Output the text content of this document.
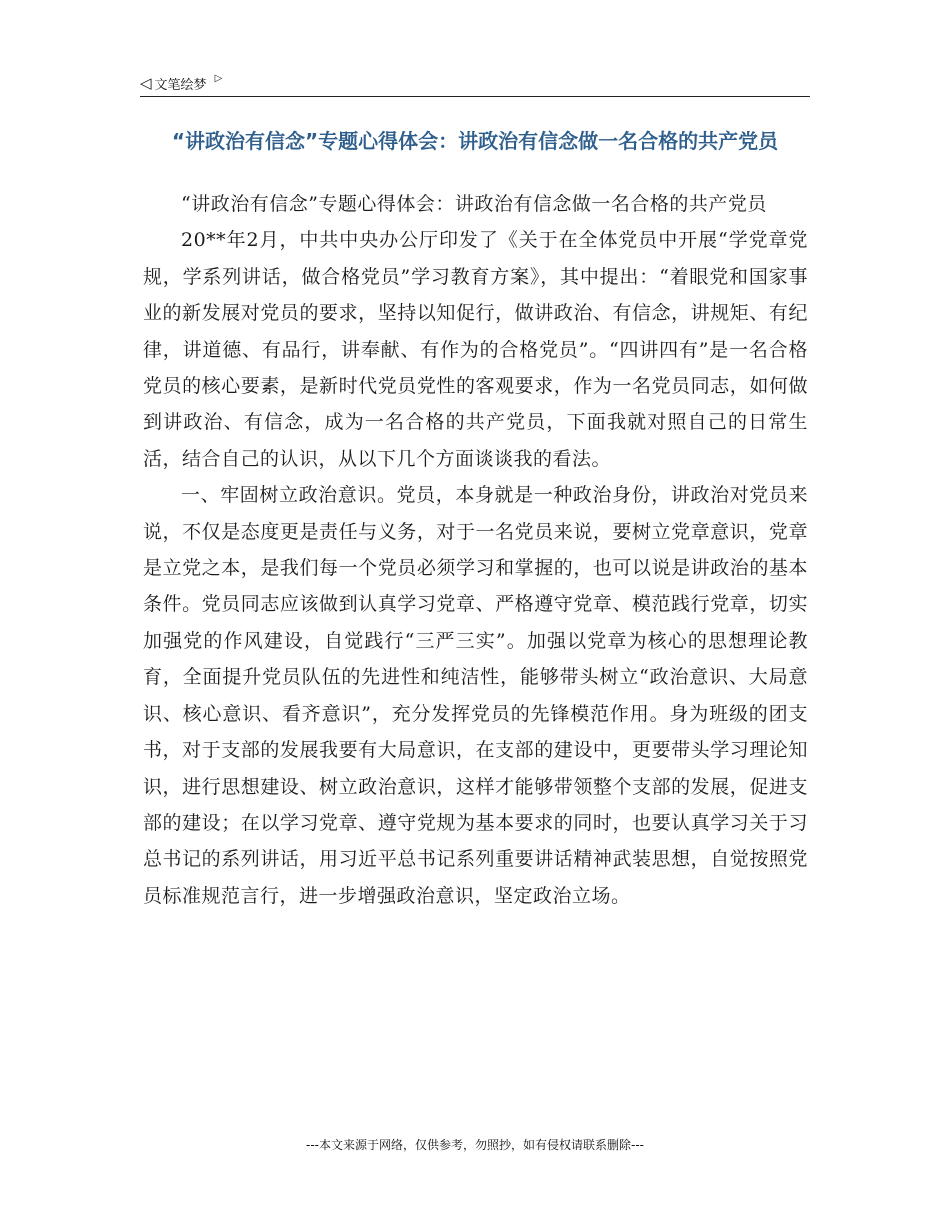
◁ 文笔绘梦 ▷
“讲政治有信念”专题心得体会：讲政治有信念做一名合格的共产党员

“讲政治有信念”专题心得体会：讲政治有信念做一名合格的共产党员

20**年2月，中共中央办公厅印发了《关于在全体党员中开展“学党章党规，学系列讲话，做合格党员”学习教育方案》，其中提出：“着眼党和国家事业的新发展对党员的要求，坚持以知促行，做讲政治、有信念，讲规矩、有纪律，讲道德、有品行，讲奉献、有作为的合格党员”。“四讲四有”是一名合格党员的核心要素，是新时代党员党性的客观要求，作为一名党员同志，如何做到讲政治、有信念，成为一名合格的共产党员，下面我就对照自己的日常生活，结合自己的认识，从以下几个方面谈谈我的看法。

一、牢固树立政治意识。党员，本身就是一种政治身份，讲政治对党员来说，不仅是态度更是责任与义务，对于一名党员来说，要树立党章意识，党章是立党之本，是我们每一个党员必须学习和掌握的，也可以说是讲政治的基本条件。党员同志应该做到认真学习党章、严格遵守党章、模范践行党章，切实加强党的作风建设，自觉践行“三严三实”。加强以党章为核心的思想理论教育，全面提升党员队伍的先进性和纯洁性，能够带头树立“政治意识、大局意识、核心意识、看齐意识”，充分发挥党员的先锋模范作用。身为班级的团支书，对于支部的发展我要有大局意识，在支部的建设中，更要带头学习理论知识，进行思想建设、树立政治意识，这样才能够带领整个支部的发展，促进支部的建设；在以学习党章、遵守党规为基本要求的同时，也要认真学习关于习总书记的系列讲话，用习近平总书记系列重要讲话精神武装思想，自觉按照党员标准规范言行，进一步增强政治意识，坚定政治立场。

---本文来源于网络，仅供参考，勿照抄，如有侵权请联系删除---
